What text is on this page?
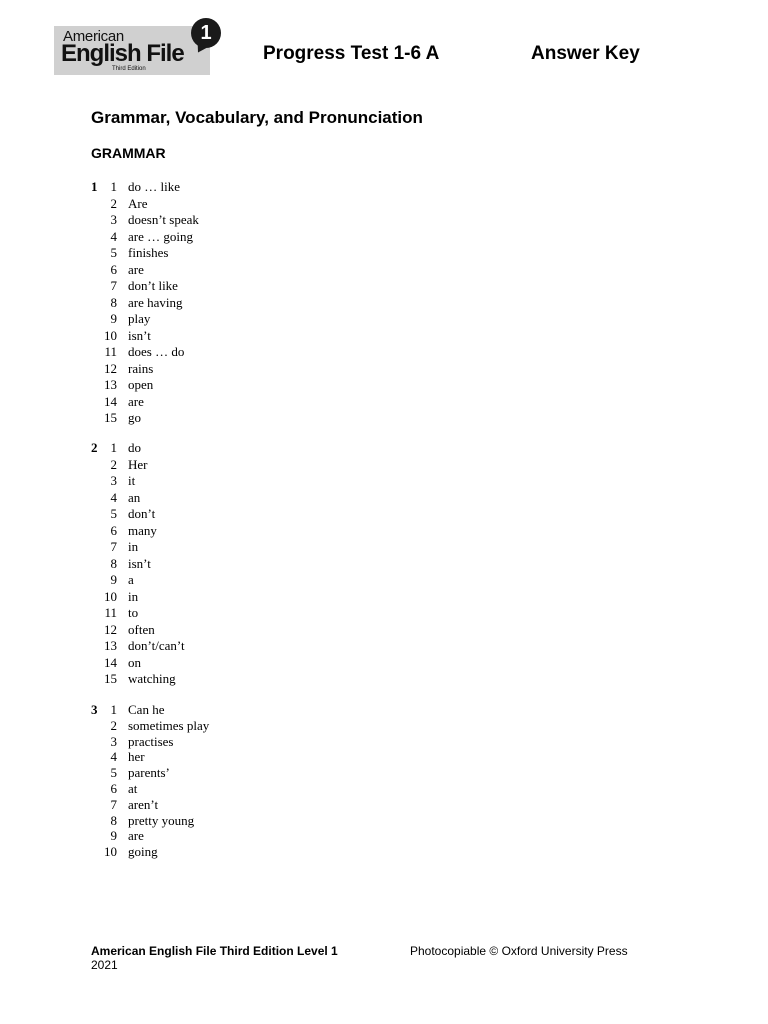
American
English File
Third Edition
1
Progress Test 1-6 A	Answer Key
Grammar, Vocabulary, and Pronunciation
GRAMMAR
1	1 do … like
2 Are
3 doesn’t speak
4 are … going
5 finishes
6 are
7 don’t like
8 are having
9 play
10 isn’t
11 does … do
12 rains
13 open
14 are
15 go
2	1 do
2 Her
3 it
4 an
5 don’t
6 many
7 in
8 isn’t
9 a
10 in
11 to
12 often
13 don’t/can’t
14 on
15 watching
3	1 Can he
2 sometimes play
3 practises
4 her
5 parents’
6 at
7 aren’t
8 pretty young
9 are
10 going
American English File Third Edition Level 1
2021
Photocopiable © Oxford University Press
